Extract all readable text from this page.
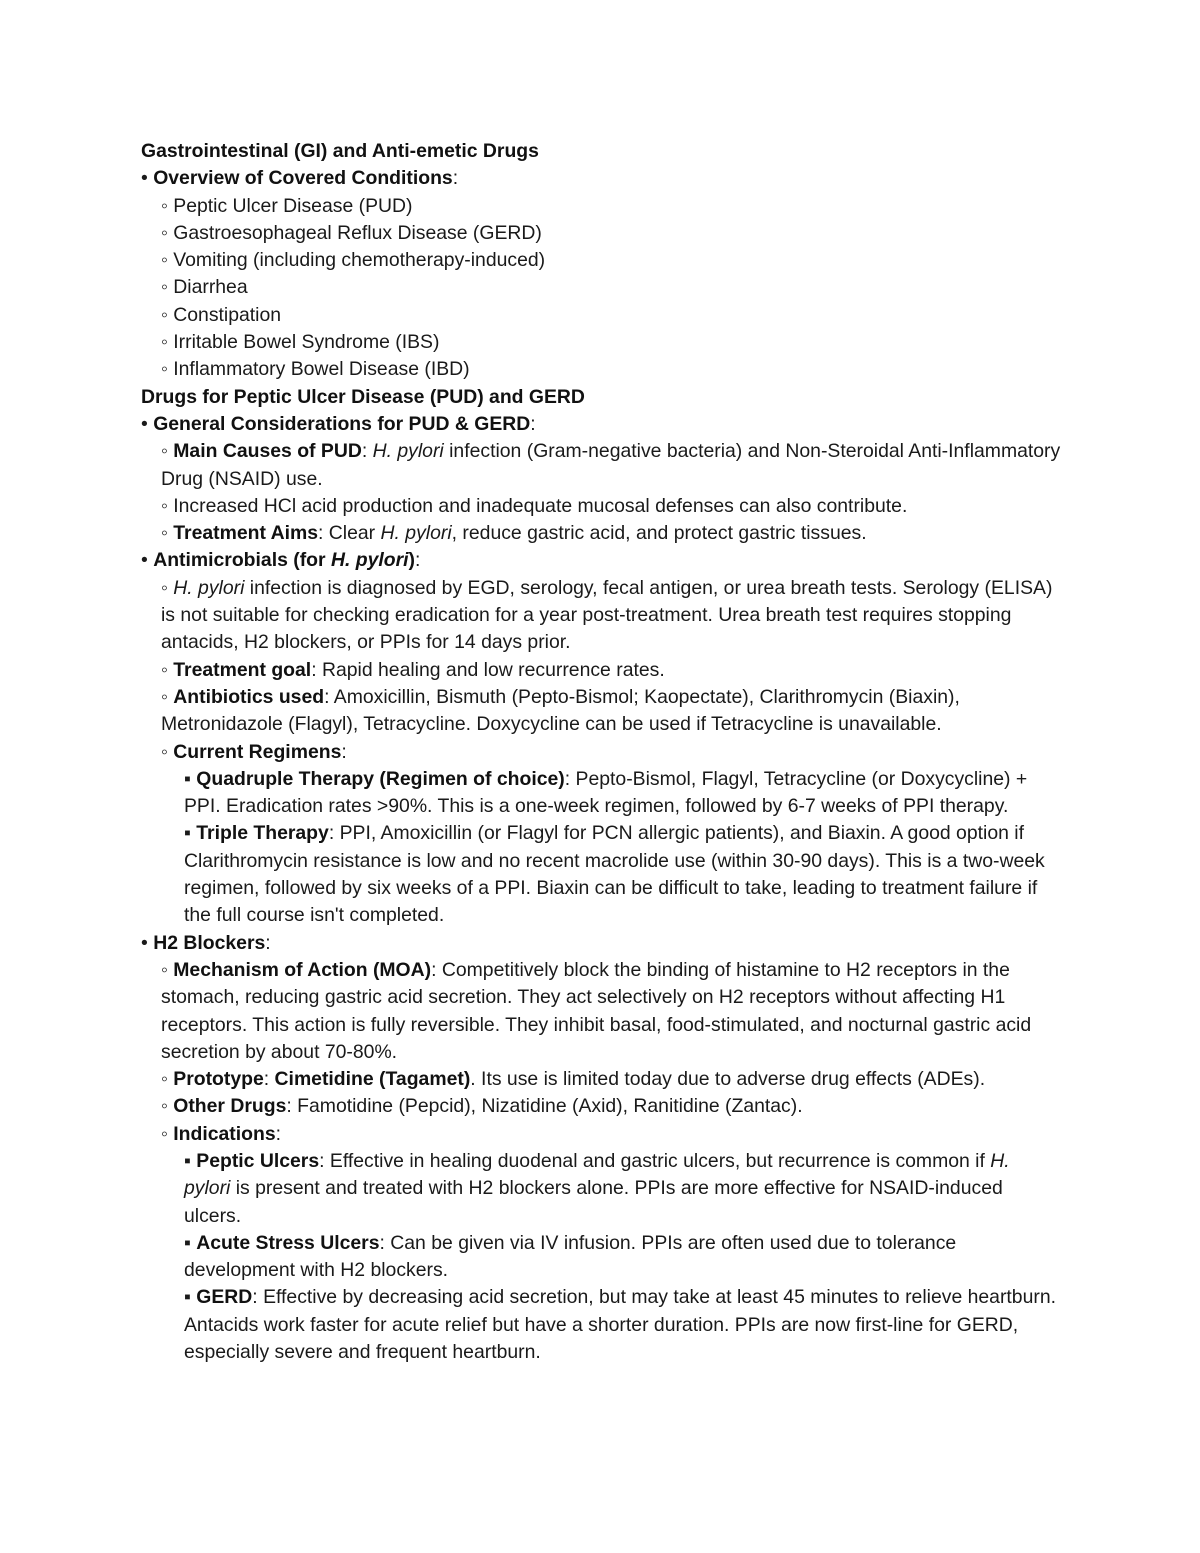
Gastrointestinal (GI) and Anti-emetic Drugs

• Overview of Covered Conditions:

◦ Peptic Ulcer Disease (PUD)

◦ Gastroesophageal Reflux Disease (GERD)

◦ Vomiting (including chemotherapy-induced)

◦ Diarrhea

◦ Constipation

◦ Irritable Bowel Syndrome (IBS)

◦ Inflammatory Bowel Disease (IBD)

Drugs for Peptic Ulcer Disease (PUD) and GERD

• General Considerations for PUD & GERD:

◦ Main Causes of PUD: H. pylori infection (Gram-negative bacteria) and Non-Steroidal Anti-Inflammatory Drug (NSAID) use.

◦ Increased HCl acid production and inadequate mucosal defenses can also contribute.

◦ Treatment Aims: Clear H. pylori, reduce gastric acid, and protect gastric tissues.

• Antimicrobials (for H. pylori):

◦ H. pylori infection is diagnosed by EGD, serology, fecal antigen, or urea breath tests. Serology (ELISA) is not suitable for checking eradication for a year post-treatment. Urea breath test requires stopping antacids, H2 blockers, or PPIs for 14 days prior.

◦ Treatment goal: Rapid healing and low recurrence rates.

◦ Antibiotics used: Amoxicillin, Bismuth (Pepto-Bismol; Kaopectate), Clarithromycin (Biaxin), Metronidazole (Flagyl), Tetracycline. Doxycycline can be used if Tetracycline is unavailable.

◦ Current Regimens:

▪ Quadruple Therapy (Regimen of choice): Pepto-Bismol, Flagyl, Tetracycline (or Doxycycline) + PPI. Eradication rates >90%. This is a one-week regimen, followed by 6-7 weeks of PPI therapy.

▪ Triple Therapy: PPI, Amoxicillin (or Flagyl for PCN allergic patients), and Biaxin. A good option if Clarithromycin resistance is low and no recent macrolide use (within 30-90 days). This is a two-week regimen, followed by six weeks of a PPI. Biaxin can be difficult to take, leading to treatment failure if the full course isn't completed.

• H2 Blockers:

◦ Mechanism of Action (MOA): Competitively block the binding of histamine to H2 receptors in the stomach, reducing gastric acid secretion. They act selectively on H2 receptors without affecting H1 receptors. This action is fully reversible. They inhibit basal, food-stimulated, and nocturnal gastric acid secretion by about 70-80%.

◦ Prototype: Cimetidine (Tagamet). Its use is limited today due to adverse drug effects (ADEs).

◦ Other Drugs: Famotidine (Pepcid), Nizatidine (Axid), Ranitidine (Zantac).

◦ Indications:

▪ Peptic Ulcers: Effective in healing duodenal and gastric ulcers, but recurrence is common if H. pylori is present and treated with H2 blockers alone. PPIs are more effective for NSAID-induced ulcers.

▪ Acute Stress Ulcers: Can be given via IV infusion. PPIs are often used due to tolerance development with H2 blockers.

▪ GERD: Effective by decreasing acid secretion, but may take at least 45 minutes to relieve heartburn. Antacids work faster for acute relief but have a shorter duration. PPIs are now first-line for GERD, especially severe and frequent heartburn.
